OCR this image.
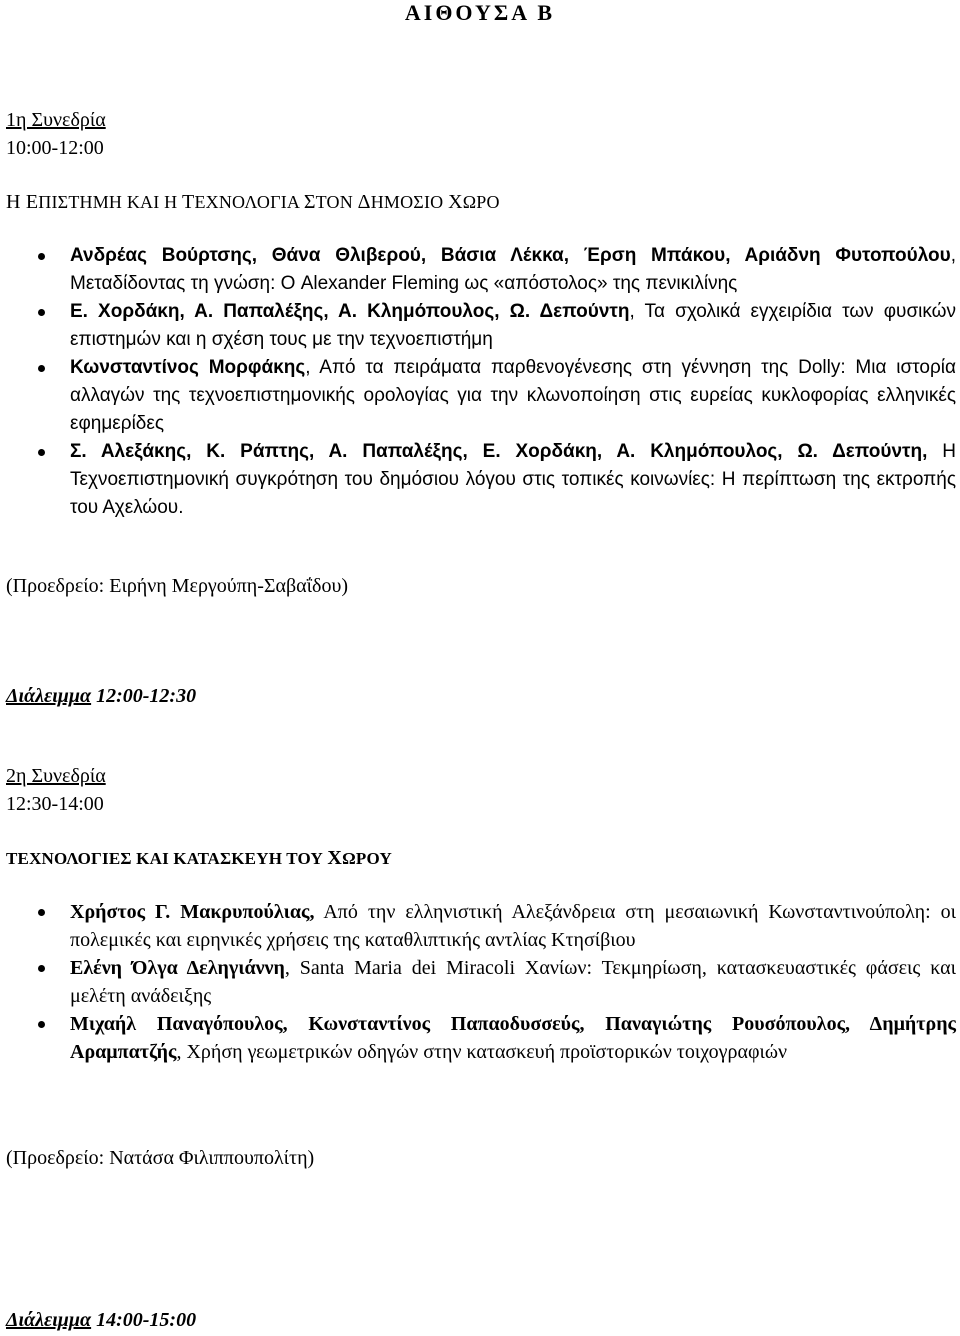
ΑΙΘΟΥΣΑ Β
1η Συνεδρία
10:00-12:00
Η ΕΠΙΣΤΗΜΗ ΚΑΙ Η ΤΕΧΝΟΛΟΓΙΑ ΣΤΟΝ ΔΗΜΟΣΙΟ ΧΩΡΟ
Ανδρέας Βούρτσης, Θάνα Θλιβερού, Βάσια Λέκκα, Έρση Μπάκου, Αριάδνη Φυτοπούλου, Μεταδίδοντας τη γνώση: Ο Alexander Fleming ως «απόστολος» της πενικιλίνης
Ε. Χορδάκη, Α. Παπαλέξης, Α. Κλημόπουλος, Ω. Δεπούντη, Τα σχολικά εγχειρίδια των φυσικών επιστημών και η σχέση τους με την τεχνοεπιστήμη
Κωνσταντίνος Μορφάκης, Από τα πειράματα παρθενογένεσης στη γέννηση της Dolly: Μια ιστορία αλλαγών της τεχνοεπιστημονικής ορολογίας για την κλωνοποίηση στις ευρείας κυκλοφορίας ελληνικές εφημερίδες
Σ. Αλεξάκης, Κ. Ράπτης, Α. Παπαλέξης, Ε. Χορδάκη, Α. Κλημόπουλος, Ω. Δεπούντη, Η Τεχνοεπιστημονική συγκρότηση του δημόσιου λόγου στις τοπικές κοινωνίες: Η περίπτωση της εκτροπής του Αχελώου.
(Προεδρείο: Ειρήνη Μεργούπη-Σαβαΐδου)
Διάλειμμα 12:00-12:30
2η Συνεδρία
12:30-14:00
ΤΕΧΝΟΛΟΓΙΕΣ ΚΑΙ ΚΑΤΑΣΚΕΥΗ ΤΟΥ ΧΩΡΟΥ
Χρήστος Γ. Μακρυπούλιας, Από την ελληνιστική Αλεξάνδρεια στη μεσαιωνική Κωνσταντινούπολη: οι πολεμικές και ειρηνικές χρήσεις της καταθλιπτικής αντλίας Κτησίβιου
Ελένη Όλγα Δεληγιάννη, Santa Maria dei Miracoli Χανίων: Τεκμηρίωση, κατασκευαστικές φάσεις και μελέτη ανάδειξης
Μιχαήλ Παναγόπουλος, Κωνσταντίνος Παπαοδυσσεύς, Παναγιώτης Ρουσόπουλος, Δημήτρης Αραμπατζής, Χρήση γεωμετρικών οδηγών στην κατασκευή προϊστορικών τοιχογραφιών
(Προεδρείο: Νατάσα Φιλιππουπολίτη)
Διάλειμμα 14:00-15:00
